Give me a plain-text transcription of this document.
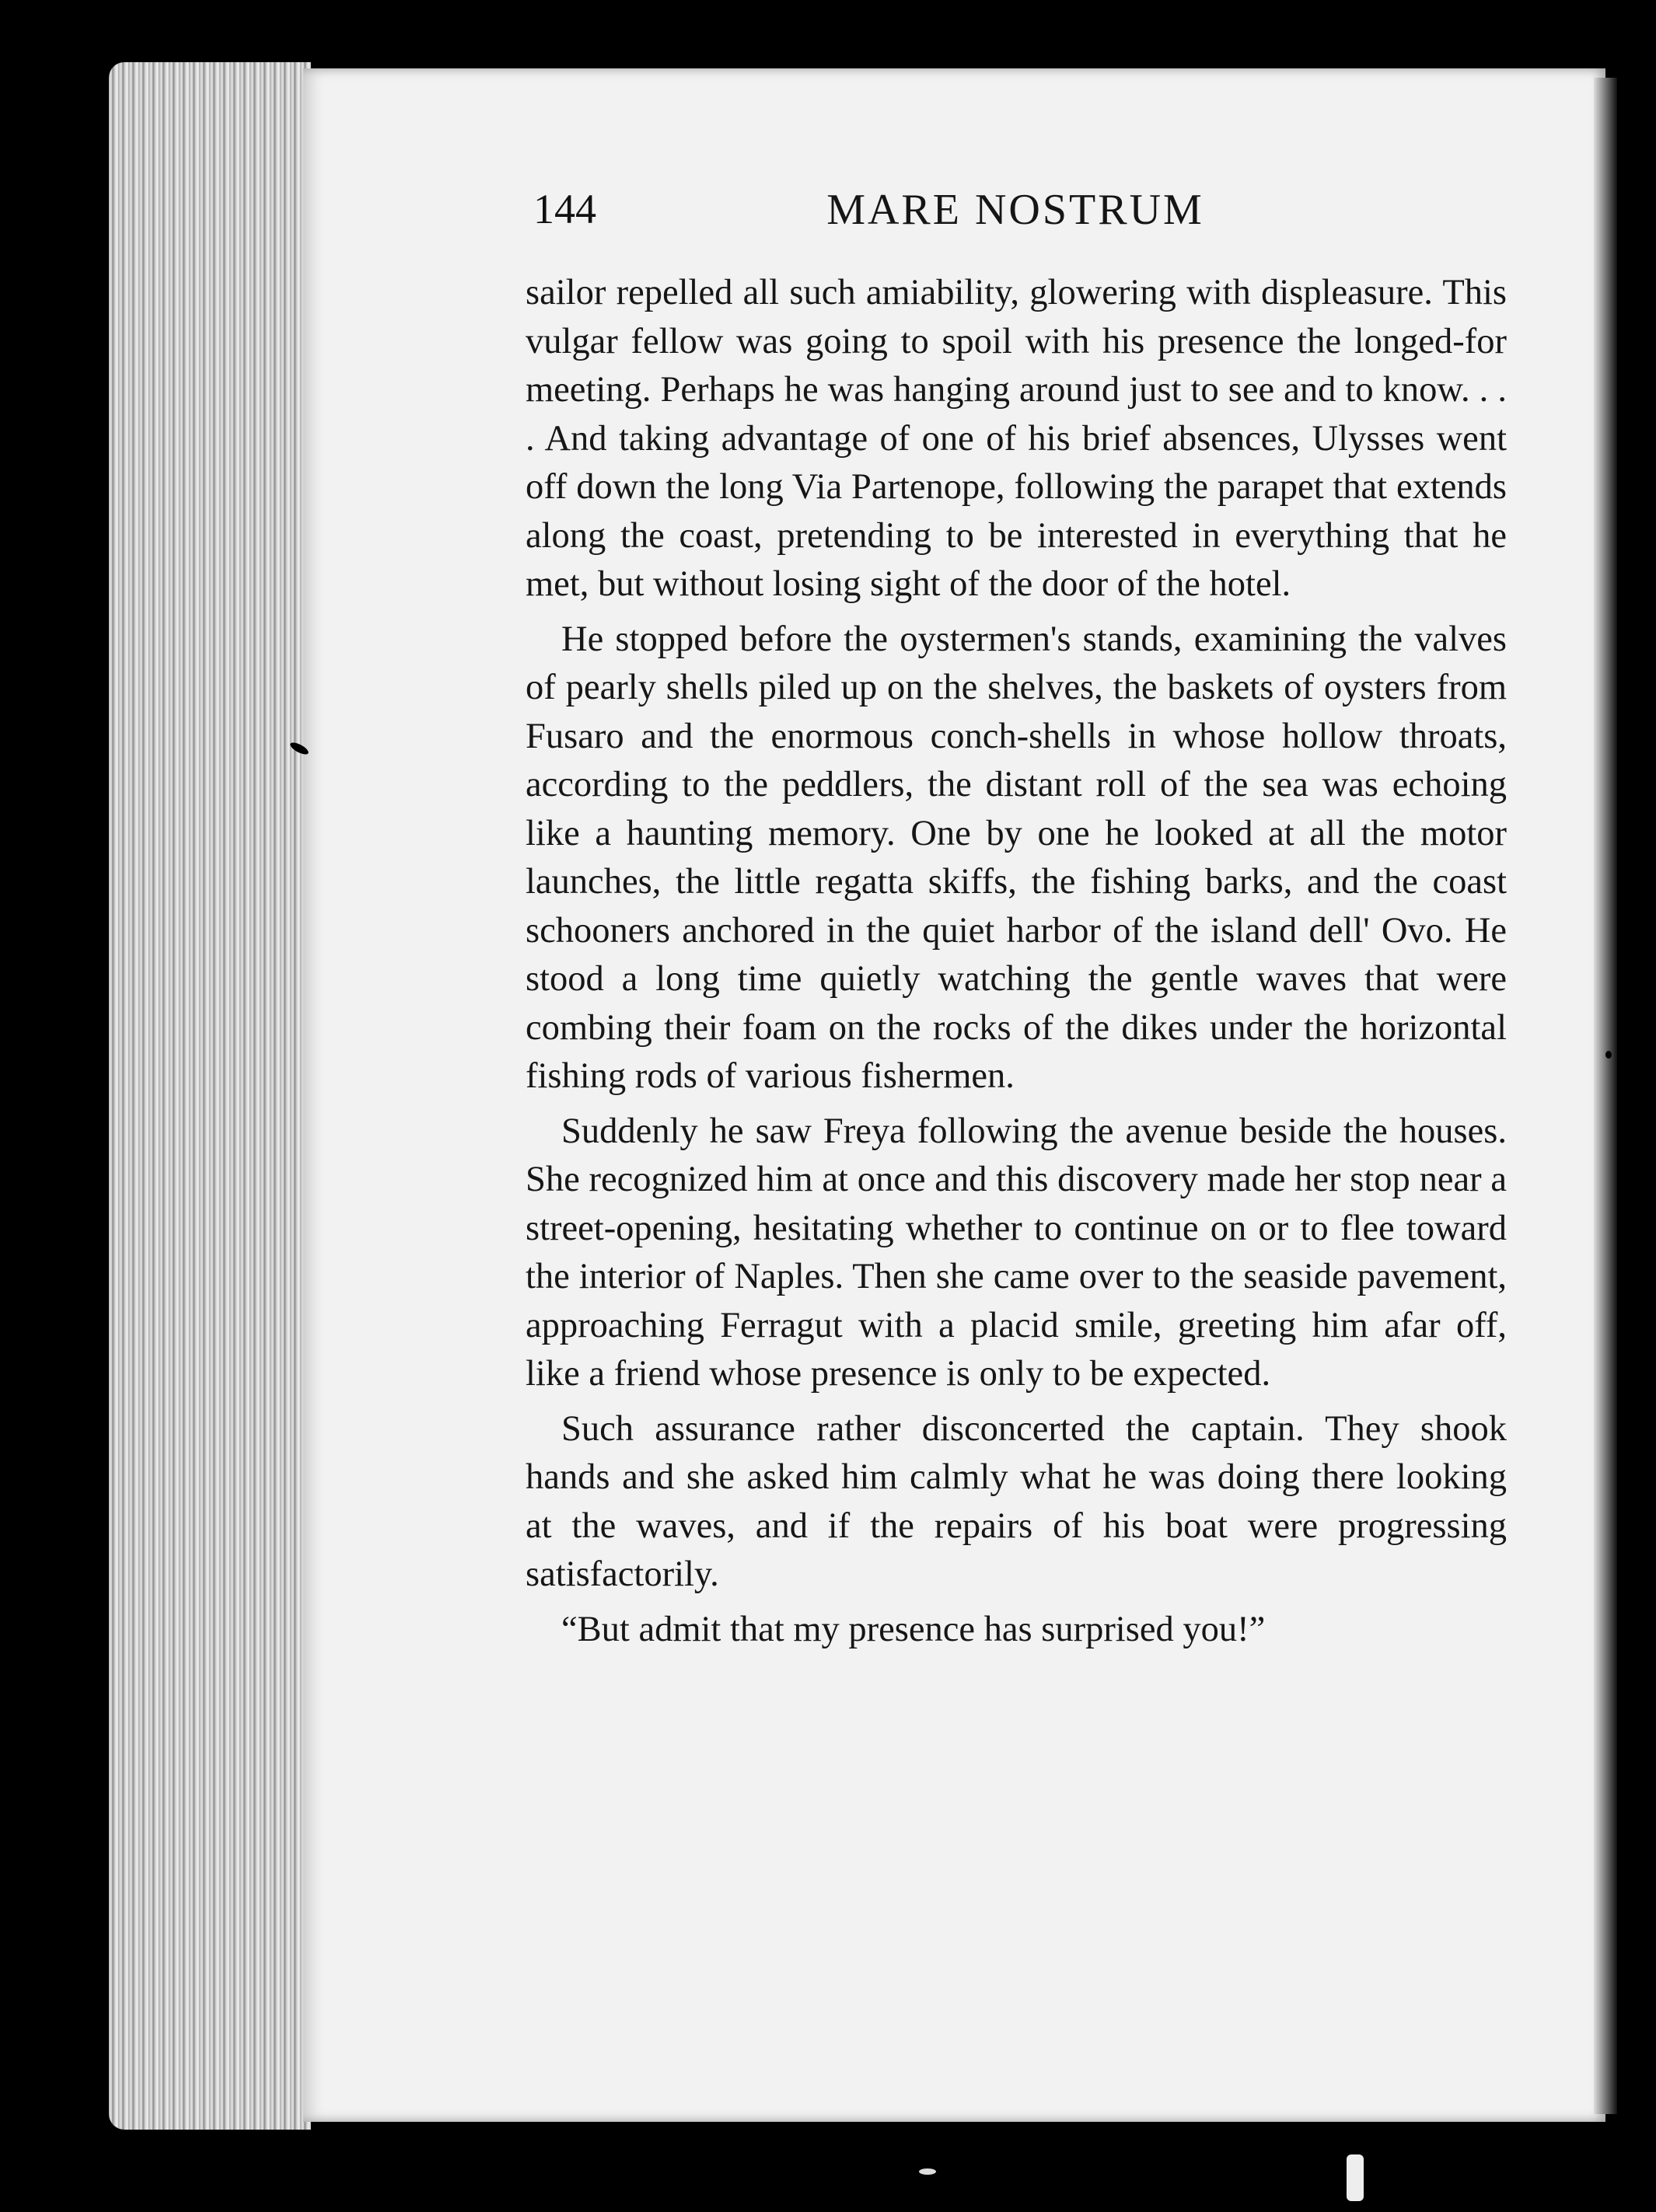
144	MARE NOSTRUM

sailor repelled all such amiability, glowering with displeasure. This vulgar fellow was going to spoil with his presence the longed-for meeting. Perhaps he was hanging around just to see and to know. . . . And taking advantage of one of his brief absences, Ulysses went off down the long Via Partenope, following the parapet that extends along the coast, pretending to be interested in everything that he met, but without losing sight of the door of the hotel.

He stopped before the oystermen's stands, examining the valves of pearly shells piled up on the shelves, the baskets of oysters from Fusaro and the enormous conch-shells in whose hollow throats, according to the peddlers, the distant roll of the sea was echoing like a haunting memory. One by one he looked at all the motor launches, the little regatta skiffs, the fishing barks, and the coast schooners anchored in the quiet harbor of the island dell' Ovo. He stood a long time quietly watching the gentle waves that were combing their foam on the rocks of the dikes under the horizontal fishing rods of various fishermen.

Suddenly he saw Freya following the avenue beside the houses. She recognized him at once and this discovery made her stop near a street-opening, hesitating whether to continue on or to flee toward the interior of Naples. Then she came over to the seaside pavement, approaching Ferragut with a placid smile, greeting him afar off, like a friend whose presence is only to be expected.

Such assurance rather disconcerted the captain. They shook hands and she asked him calmly what he was doing there looking at the waves, and if the repairs of his boat were progressing satisfactorily.

“But admit that my presence has surprised you!”
